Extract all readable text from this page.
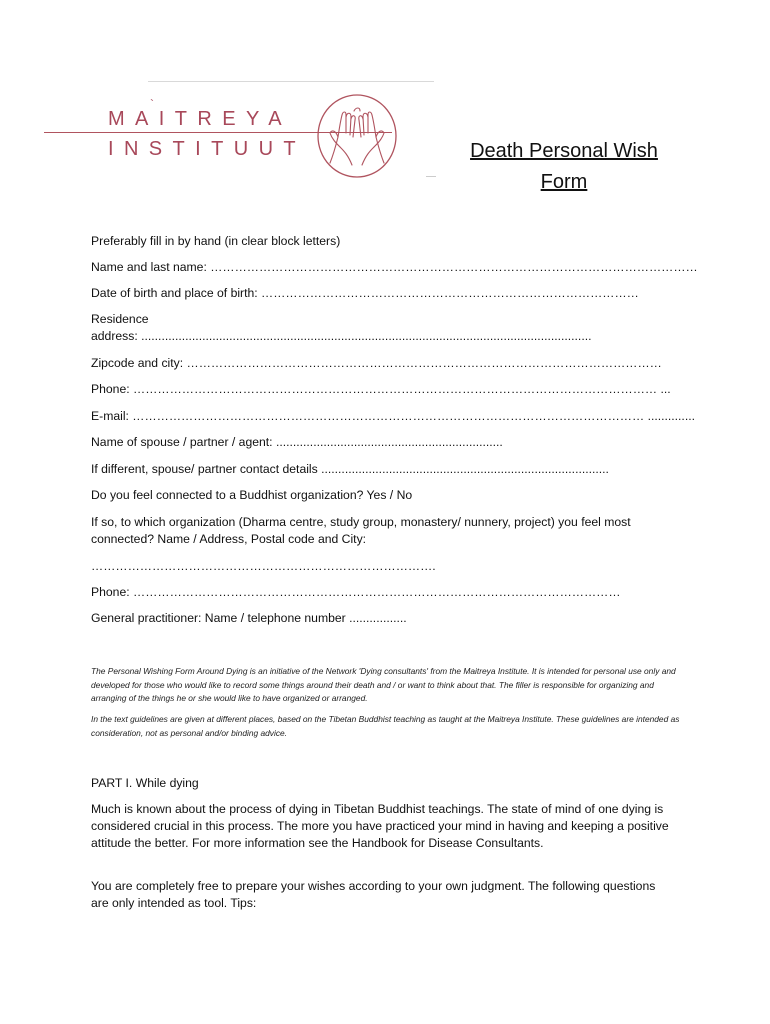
`
MAITREYA
INSTITUUT	Death Personal Wish
Form
Preferably fill in by hand (in clear block letters)
Name and last name: …………………………………………………………………………………………………………
Date of birth and place of birth: …………………………………………………………………………………
Residence
address: .....................................................................................................................................
Zipcode and city: ………………………………………………………………………………………………………
Phone: ………………………………………………………………………………………………………………… ...
E-mail: ……………………………………………………………………………………………………………… ..............
Name of spouse / partner / agent: ...................................................................
If different, spouse/ partner contact details .....................................................................................
Do you feel connected to a Buddhist organization? Yes / No
If so, to which organization (Dharma centre, study group, monastery/ nunnery, project) you feel most connected? Name / Address, Postal code and City:
………………………………………………………………………….
Phone: …………………………………………………………………………………………………………
General practitioner: Name / telephone number .................
The Personal Wishing Form Around Dying is an initiative of the Network 'Dying consultants' from the Maitreya Institute. It is intended for personal use only and developed for those who would like to record some things around their death and / or want to think about that. The filler is responsible for organizing and arranging of the things he or she would like to have organized or arranged.
In the text guidelines are given at different places, based on the Tibetan Buddhist teaching as taught at the Maitreya Institute. These guidelines are intended as consideration, not as personal and/or binding advice.
PART I. While dying
Much is known about the process of dying in Tibetan Buddhist teachings. The state of mind of one dying is considered crucial in this process. The more you have practiced your mind in having and keeping a positive attitude the better. For more information see the Handbook for Disease Consultants.
You are completely free to prepare your wishes according to your own judgment. The following questions are only intended as tool. Tips:
